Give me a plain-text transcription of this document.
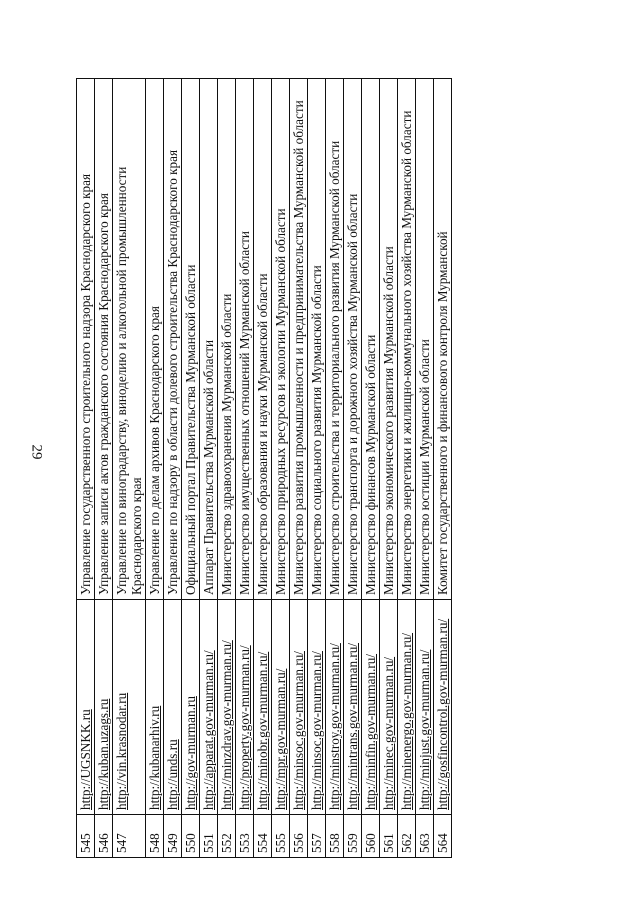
29
545	http://UGSNKK.ru	Управление государственного строительного надзора Краснодарского края
546	http://kuban.uzags.ru	Управление записи актов гражданского состояния Краснодарского края
547	http://vin.krasnodar.ru	Управление по виноградарству, виноделию и алкогольной промышленности Краснодарского края
548	http://kubanarhiv.ru	Управление по делам архивов Краснодарского края
549	http://unds.ru	Управление по надзору в области долевого строительства Краснодарского края
550	http://gov-murman.ru	Официальный портал Правительства Мурманской области
551	http://apparat.gov-murman.ru/	Аппарат Правительства Мурманской области
552	http://minzdrav.gov-murman.ru/	Министерство здравоохранения Мурманской области
553	http://property.gov-murman.ru/	Министерство имущественных отношений Мурманской области
554	http://minobr.gov-murman.ru/	Министерство образования и науки Мурманской области
555	http://mpr.gov-murman.ru/	Министерство природных ресурсов и экологии Мурманской области
556	http://minsoc.gov-murman.ru/	Министерство развития промышленности и предпринимательства Мурманской области
557	http://minsoc.gov-murman.ru/	Министерство социального развития Мурманской области
558	http://minstroy.gov-murman.ru/	Министерство строительства и территориального развития Мурманской области
559	http://mintrans.gov-murman.ru/	Министерство транспорта и дорожного хозяйства Мурманской области
560	http://minfin.gov-murman.ru/	Министерство финансов Мурманской области
561	http://minec.gov-murman.ru/	Министерство экономического развития Мурманской области
562	http://minenergo.gov-murman.ru/	Министерство энергетики и жилищно-коммунального хозяйства Мурманской области
563	http://minjust.gov-murman.ru/	Министерство юстиции Мурманской области
564	http://gosfincontrol.gov-murman.ru/	Комитет государственного и финансового контроля Мурманской
